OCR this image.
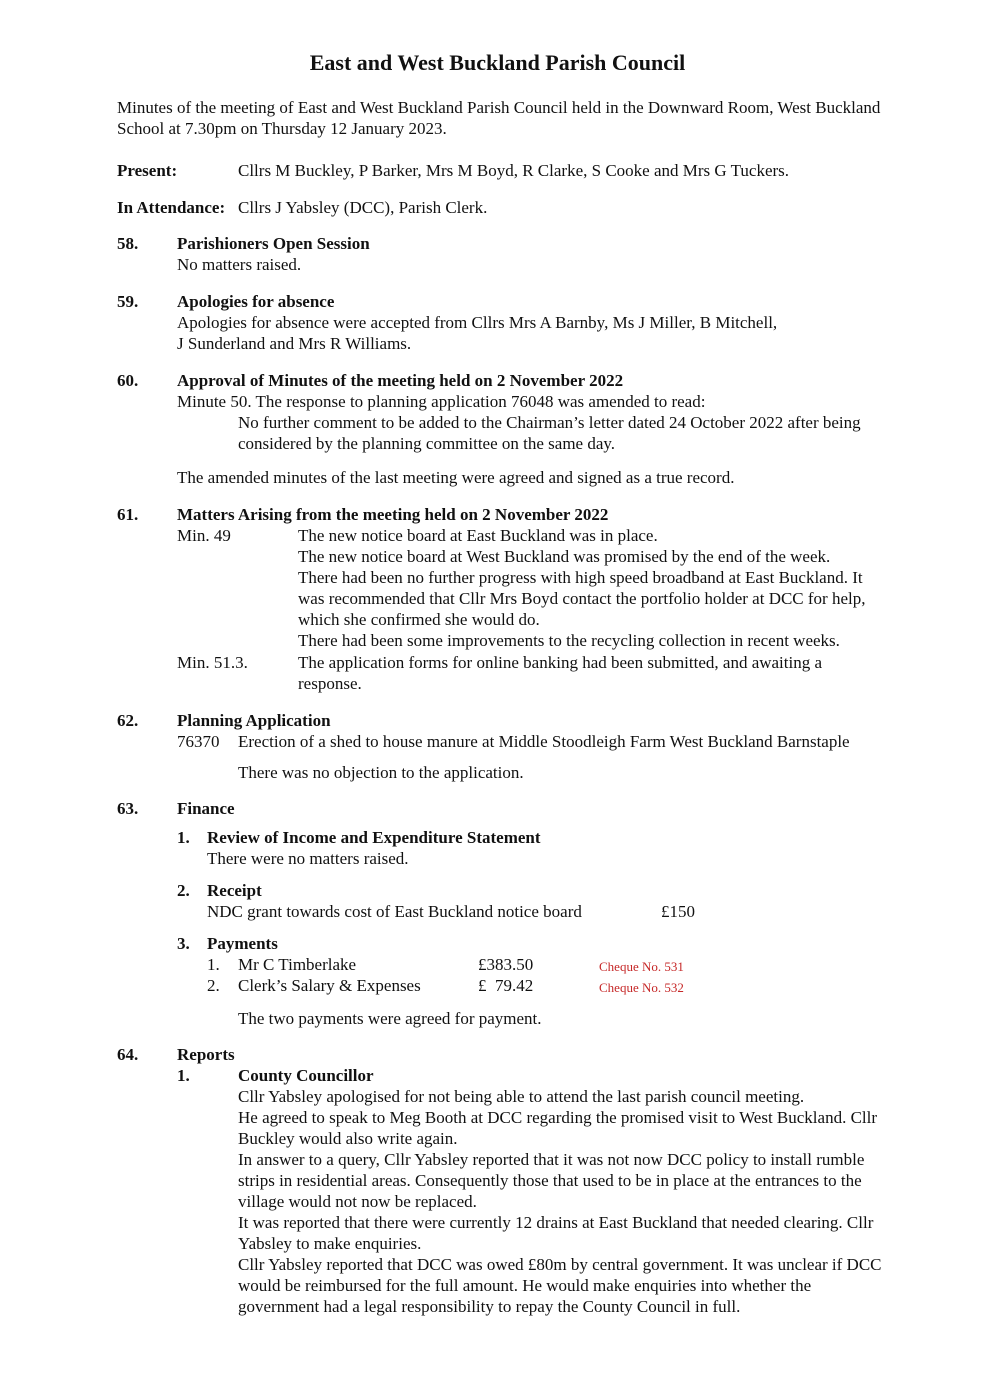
East and West Buckland Parish Council
Minutes of the meeting of East and West Buckland Parish Council held in the Downward Room, West Buckland
School at 7.30pm on Thursday 12 January 2023.
Present:	Cllrs M Buckley, P Barker, Mrs M Boyd, R Clarke, S Cooke and Mrs G Tuckers.
In Attendance: Cllrs J Yabsley (DCC), Parish Clerk.
58. Parishioners Open Session
No matters raised.
59. Apologies for absence
Apologies for absence were accepted from Cllrs Mrs A Barnby, Ms J Miller, B Mitchell,
J Sunderland and Mrs R Williams.
60. Approval of Minutes of the meeting held on 2 November 2022
Minute 50. The response to planning application 76048 was amended to read:
No further comment to be added to the Chairman’s letter dated 24 October 2022 after being
considered by the planning committee on the same day.
The amended minutes of the last meeting were agreed and signed as a true record.
61. Matters Arising from the meeting held on 2 November 2022
Min. 49	The new notice board at East Buckland was in place.
The new notice board at West Buckland was promised by the end of the week.
There had been no further progress with high speed broadband at East Buckland. It
was recommended that Cllr Mrs Boyd contact the portfolio holder at DCC for help,
which she confirmed she would do.
There had been some improvements to the recycling collection in recent weeks.
Min. 51.3.	The application forms for online banking had been submitted, and awaiting a
response.
62. Planning Application
76370 Erection of a shed to house manure at Middle Stoodleigh Farm West Buckland Barnstaple
There was no objection to the application.
63. Finance
1. Review of Income and Expenditure Statement
There were no matters raised.
2. Receipt
NDC grant towards cost of East Buckland notice board	£150
3. Payments
1. Mr C Timberlake	£383.50	Cheque No. 531
2. Clerk’s Salary & Expenses	£  79.42	Cheque No. 532
The two payments were agreed for payment.
64. Reports
1.	County Councillor
Cllr Yabsley apologised for not being able to attend the last parish council meeting.
He agreed to speak to Meg Booth at DCC regarding the promised visit to West Buckland. Cllr
Buckley would also write again.
In answer to a query, Cllr Yabsley reported that it was not now DCC policy to install rumble
strips in residential areas. Consequently those that used to be in place at the entrances to the
village would not now be replaced.
It was reported that there were currently 12 drains at East Buckland that needed clearing. Cllr
Yabsley to make enquiries.
Cllr Yabsley reported that DCC was owed £80m by central government. It was unclear if DCC
would be reimbursed for the full amount. He would make enquiries into whether the
government had a legal responsibility to repay the County Council in full.
